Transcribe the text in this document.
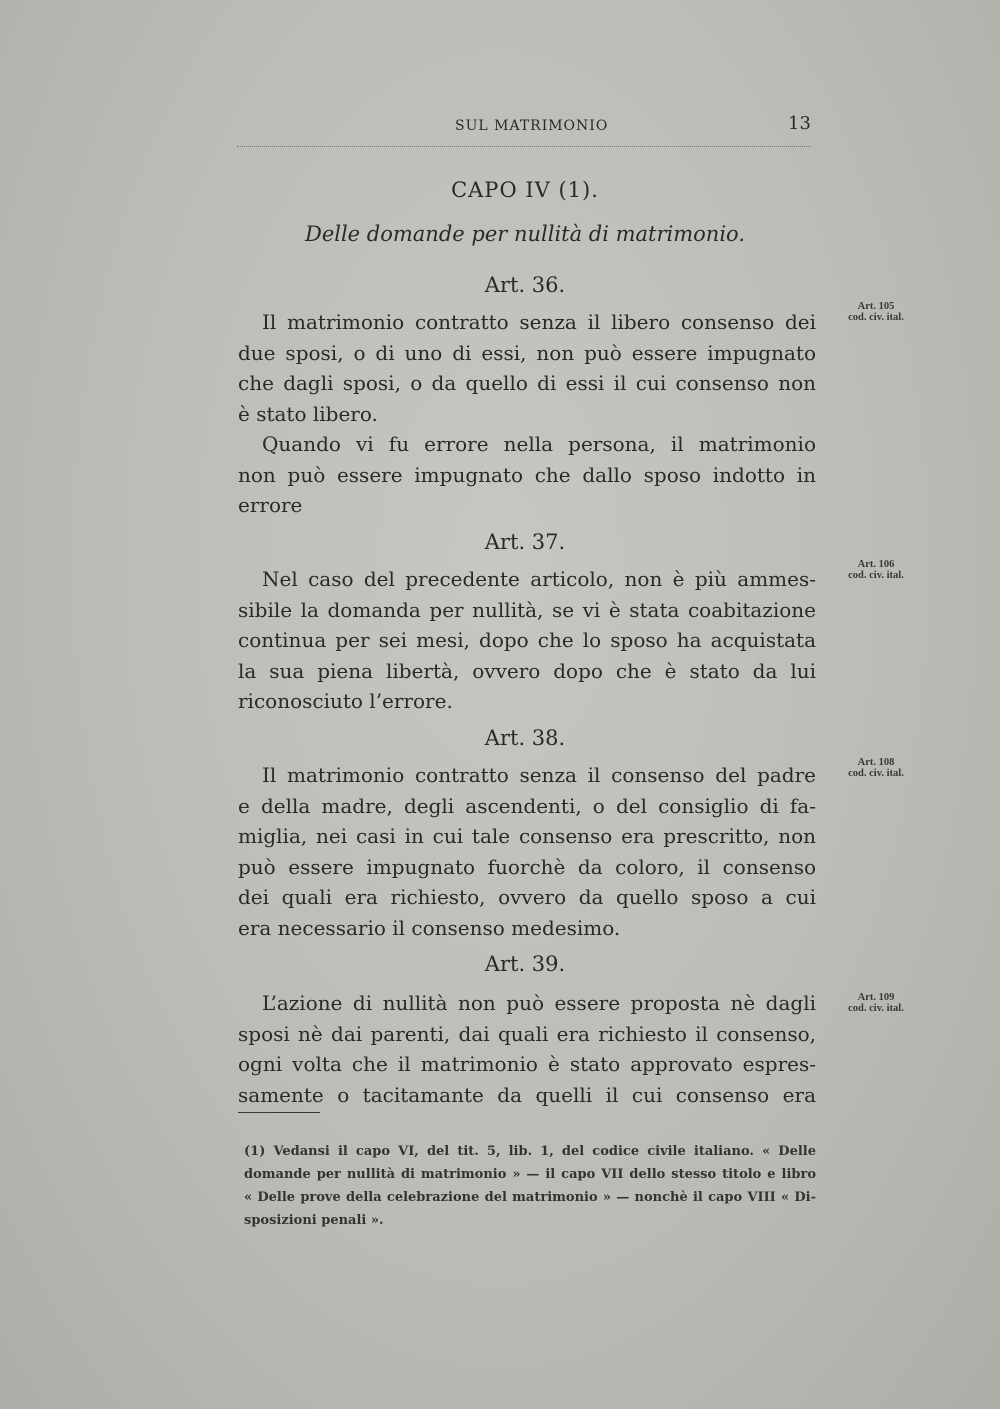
SUL MATRIMONIO	13
CAPO IV (1).
Delle domande per nullità di matrimonio.
Art. 36.
Art. 105
cod. civ. ital.
Il matrimonio contratto senza il libero consenso dei
due sposi, o di uno di essi, non può essere impugnato
che dagli sposi, o da quello di essi il cui consenso non
è stato libero.
Quando vi fu errore nella persona, il matrimonio
non può essere impugnato che dallo sposo indotto in
errore
Art. 37.
Art. 106
cod. civ. ital.
Nel caso del precedente articolo, non è più ammes-
sibile la domanda per nullità, se vi è stata coabitazione
continua per sei mesi, dopo che lo sposo ha acquistata
la sua piena libertà, ovvero dopo che è stato da lui
riconosciuto l’errore.
Art. 38.
Art. 108
cod. civ. ital.
Il matrimonio contratto senza il consenso del padre
e della madre, degli ascendenti, o del consiglio di fa-
miglia, nei casi in cui tale consenso era prescritto, non
può essere impugnato fuorchè da coloro, il consenso
dei quali era richiesto, ovvero da quello sposo a cui
era necessario il consenso medesimo.
Art. 39.
Art. 109
cod. civ. ital.
L’azione di nullità non può essere proposta nè dagli
sposi nè dai parenti, dai quali era richiesto il consenso,
ogni volta che il matrimonio è stato approvato espres-
samente o tacitamante da quelli il cui consenso era
(1) Vedansi il capo VI, del tit. 5, lib. 1, del codice civile italiano. « Delle
domande per nullità di matrimonio » — il capo VII dello stesso titolo e libro
« Delle prove della celebrazione del matrimonio » — nonchè il capo VIII « Di-
sposizioni penali ».
